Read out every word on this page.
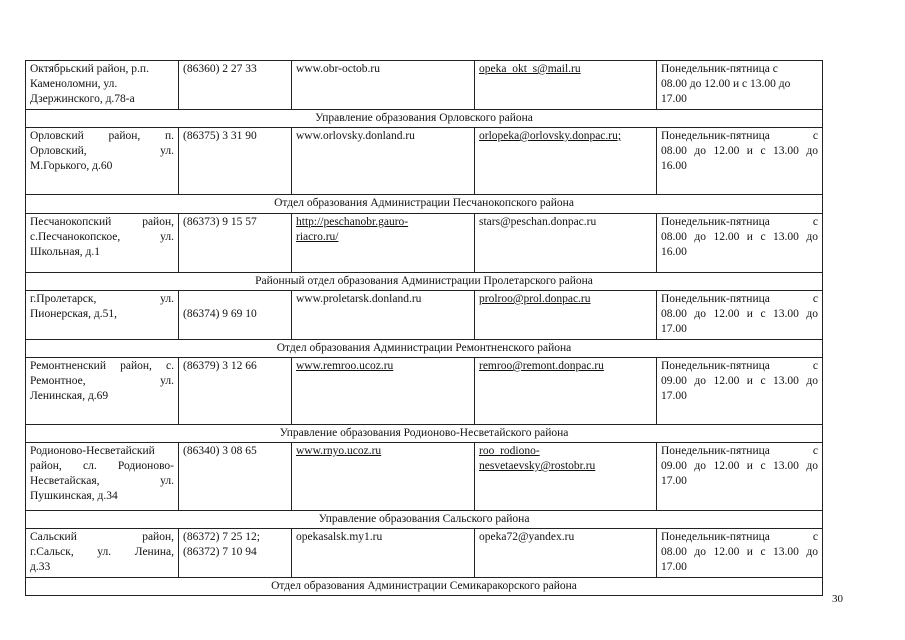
Октябрьский район, р.п.
Каменоломни, ул.
Дзержинского, д.78-а	(86360) 2 27 33	www.obr-octob.ru	opeka_okt_s@mail.ru	Понедельник-пятница с
08.00 до 12.00 и с 13.00 до
17.00

Управление образования Орловского района				

Орловский район, п.
Орловский, ул.
М.Горького, д.60	(86375) 3 31 90	www.orlovsky.donland.ru	orlopeka@orlovsky.donpac.ru;	Понедельник-пятница с
08.00 до 12.00 и с 13.00 до
16.00

Отдел образования Администрации Песчанокопского района				

Песчанокопский район,
с.Песчанокопское, ул.
Школьная, д.1	(86373) 9 15 57	http://peschanobr.gauro-
riacro.ru/	stars@peschan.donpac.ru	Понедельник-пятница с
08.00 до 12.00 и с 13.00 до
16.00

Районный отдел образования Администрации Пролетарского района				

г.Пролетарск, ул.
Пионерская, д.51,	(86374) 9 69 10	www.proletarsk.donland.ru	prolroo@prol.donpac.ru	Понедельник-пятница с
08.00 до 12.00 и с 13.00 до
17.00

Отдел образования Администрации Ремонтненского района				

Ремонтненский район, с.
Ремонтное, ул.
Ленинская, д.69	(86379) 3 12 66	www.remroo.ucoz.ru	remroo@remont.donpac.ru	Понедельник-пятница с
09.00 до 12.00 и с 13.00 до
17.00

Управление образования Родионово-Несветайского района				

Родионово-Несветайский
район, сл. Родионово-
Несветайская, ул.
Пушкинская, д.34	(86340) 3 08 65	www.rnyo.ucoz.ru	roo_rodiono-
nesvetaevsky@rostobr.ru	Понедельник-пятница с
09.00 до 12.00 и с 13.00 до
17.00

Управление образования Сальского района				

Сальский район,
г.Сальск, ул. Ленина,
д.33	(86372) 7 25 12;
(86372) 7 10 94	opekasalsk.my1.ru	opeka72@yandex.ru	Понедельник-пятница с
08.00 до 12.00 и с 13.00 до
17.00

Отдел образования Администрации Семикаракорского района				
30
